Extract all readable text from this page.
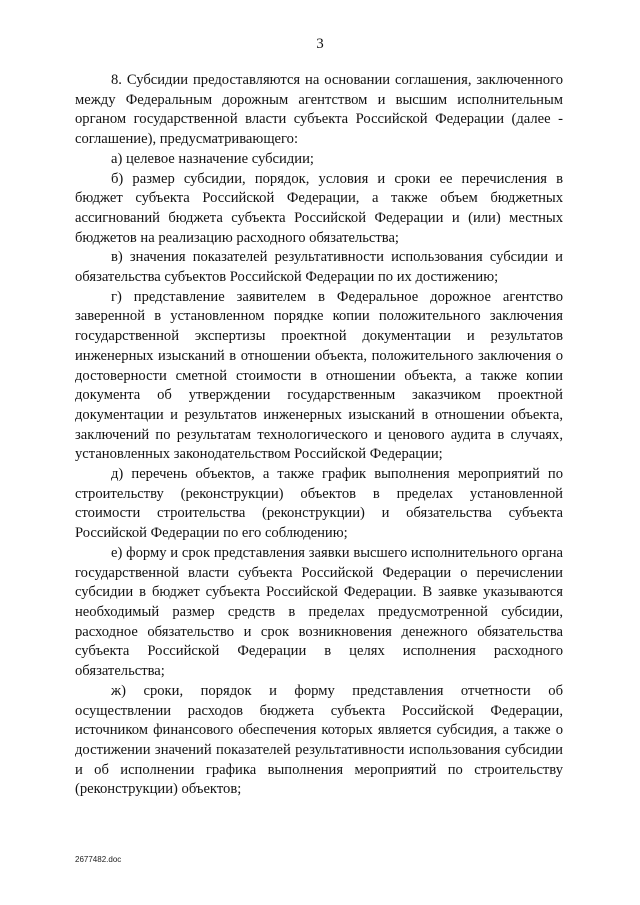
3

8. Субсидии предоставляются на основании соглашения, заключенного между Федеральным дорожным агентством и высшим исполнительным органом государственной власти субъекта Российской Федерации (далее - соглашение), предусматривающего:

а) целевое назначение субсидии;

б) размер субсидии, порядок, условия и сроки ее перечисления в бюджет субъекта Российской Федерации, а также объем бюджетных ассигнований бюджета субъекта Российской Федерации и (или) местных бюджетов на реализацию расходного обязательства;

в) значения показателей результативности использования субсидии и обязательства субъектов Российской Федерации по их достижению;

г) представление заявителем в Федеральное дорожное агентство заверенной в установленном порядке копии положительного заключения государственной экспертизы проектной документации и результатов инженерных изысканий в отношении объекта, положительного заключения о достоверности сметной стоимости в отношении объекта, а также копии документа об утверждении государственным заказчиком проектной документации и результатов инженерных изысканий в отношении объекта, заключений по результатам технологического и ценового аудита в случаях, установленных законодательством Российской Федерации;

д) перечень объектов, а также график выполнения мероприятий по строительству (реконструкции) объектов в пределах установленной стоимости строительства (реконструкции) и обязательства субъекта Российской Федерации по его соблюдению;

е) форму и срок представления заявки высшего исполнительного органа государственной власти субъекта Российской Федерации о перечислении субсидии в бюджет субъекта Российской Федерации. В заявке указываются необходимый размер средств в пределах предусмотренной субсидии, расходное обязательство и срок возникновения денежного обязательства субъекта Российской Федерации в целях исполнения расходного обязательства;

ж) сроки, порядок и форму представления отчетности об осуществлении расходов бюджета субъекта Российской Федерации, источником финансового обеспечения которых является субсидия, а также о достижении значений показателей результативности использования субсидии и об исполнении графика выполнения мероприятий по строительству (реконструкции) объектов;

2677482.doc
